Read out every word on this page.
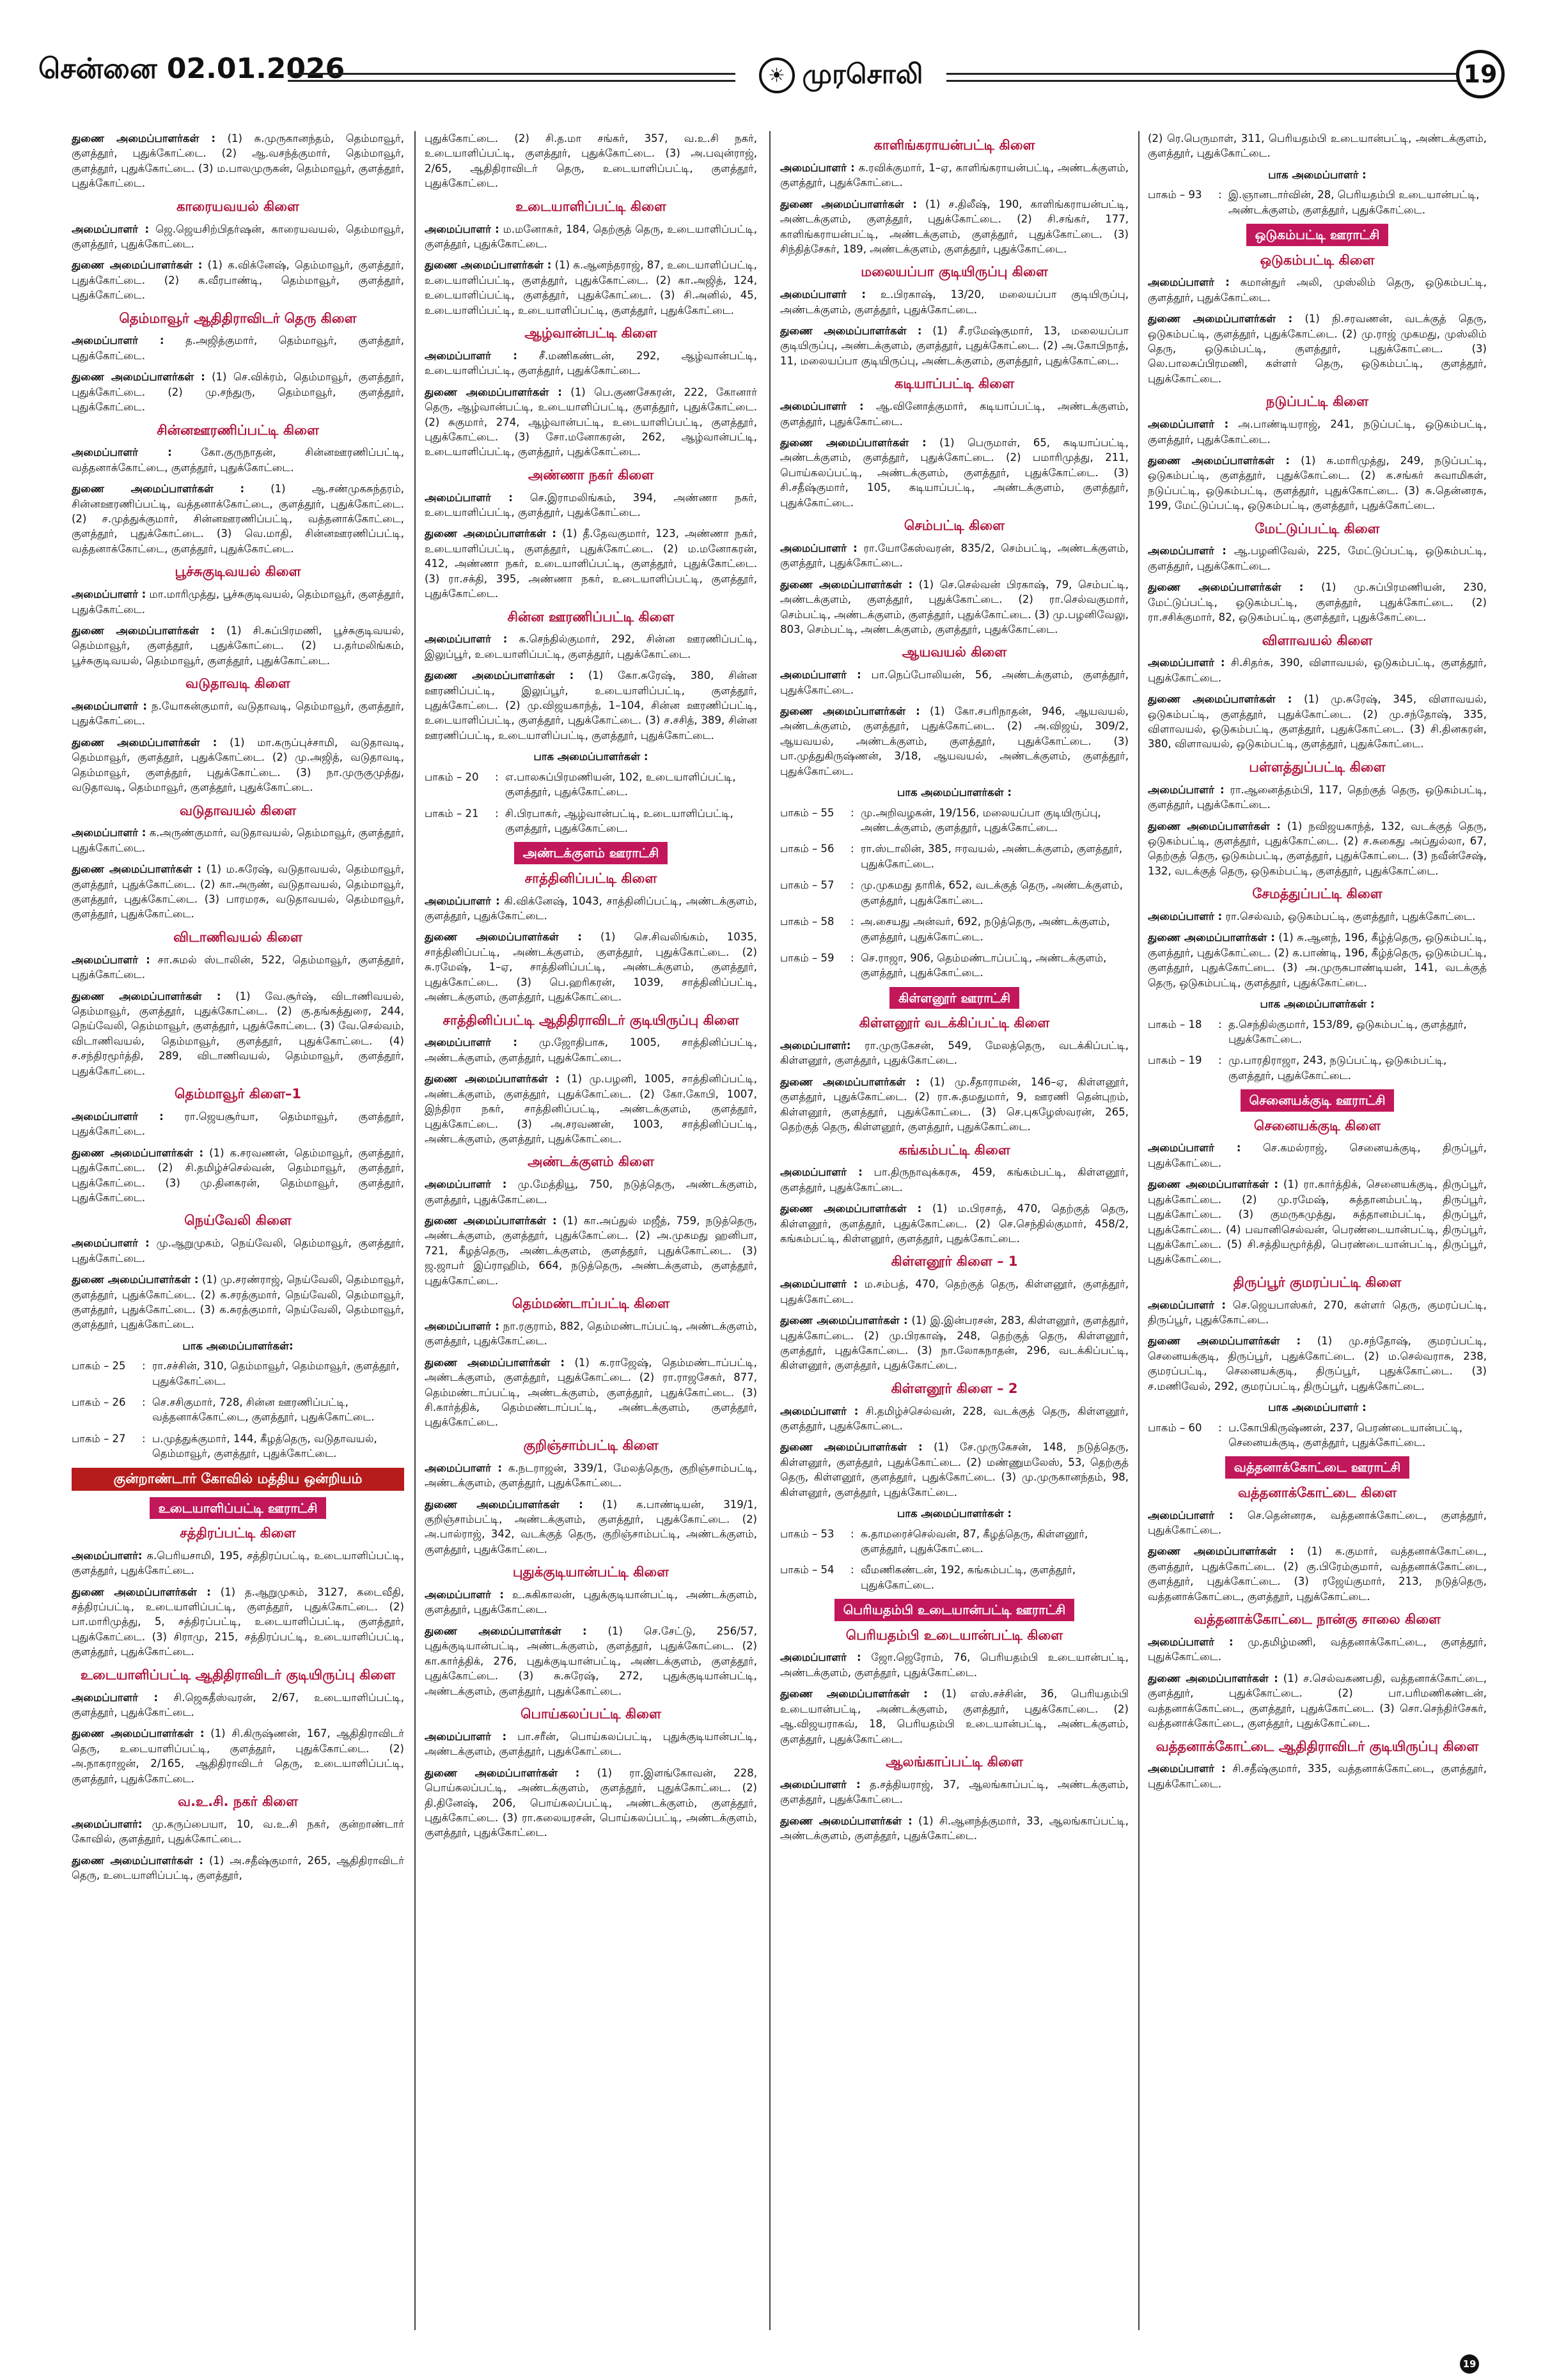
சென்னை 02.01.2026	☀ முரசொலி	19
துணை அமைப்பாளர்கள் : (1) சு.முருகானந்தம், தெம்மாவூர், குளத்தூர், புதுக்கோட்டை. (2) ஆ.வசந்த்குமார், தெம்மாவூர், குளத்தூர், புதுக்கோட்டை. (3) ம.பாலமுருகன், தெம்மாவூர், குளத்தூர், புதுக்கோட்டை.
காரையவயல் கிளை
அமைப்பாளர் : ஜெ.ஜெயசிற்பிதர்ஷன், காரையவயல், தெம்மாவூர், குளத்தூர், புதுக்கோட்டை.
துணை அமைப்பாளர்கள் : (1) க.விக்னேஷ், தெம்மாவூர், குளத்தூர், புதுக்கோட்டை. (2) க.வீரபாண்டி, தெம்மாவூர், குளத்தூர், புதுக்கோட்டை.
தெம்மாவூர் ஆதிதிராவிடர் தெரு கிளை
அமைப்பாளர் : த.அஜித்குமார், தெம்மாவூர், குளத்தூர், புதுக்கோட்டை.
துணை அமைப்பாளர்கள் : (1) செ.விக்ரம், தெம்மாவூர், குளத்தூர், புதுக்கோட்டை. (2) மு.சந்துரு, தெம்மாவூர், குளத்தூர், புதுக்கோட்டை.
சின்னஊரணிப்பட்டி கிளை
அமைப்பாளர் :	கோ.குருநாதன், சின்னஊரணிப்பட்டி, வத்தனாக்கோட்டை, குளத்தூர், புதுக்கோட்டை.
துணை அமைப்பாளர்கள் : (1) ஆ.சண்முகசுந்தரம், சின்னஊரணிப்பட்டி, வத்தனாக்கோட்டை, குளத்தூர், புதுக்கோட்டை. (2) ச.முத்துக்குமார், சின்னஊரணிப்பட்டி, வத்தனாக்கோட்டை, குளத்தூர், புதுக்கோட்டை. (3) வெ.மாதி, சின்னஊரணிப்பட்டி, வத்தனாக்கோட்டை, குளத்தூர், புதுக்கோட்டை.
பூச்சுகுடிவயல் கிளை
அமைப்பாளர் : மா.மாரிமுத்து, பூச்சுகுடிவயல், தெம்மாவூர், குளத்தூர், புதுக்கோட்டை.
துணை அமைப்பாளர்கள் : (1) சி.சுப்பிரமணி, பூச்சுகுடிவயல், தெம்மாவூர், குளத்தூர், புதுக்கோட்டை. (2) ப.தர்மலிங்கம், பூச்சுகுடிவயல், தெம்மாவூர், குளத்தூர், புதுக்கோட்டை.
வடுதாவடி கிளை
அமைப்பாளர் : ந.யோகன்குமார், வடுதாவடி, தெம்மாவூர், குளத்தூர், புதுக்கோட்டை.
துணை அமைப்பாளர்கள் : (1) மா.கருப்புச்சாமி, வடுதாவடி, தெம்மாவூர், குளத்தூர், புதுக்கோட்டை. (2) மு.அஜித், வடுதாவடி, தெம்மாவூர், குளத்தூர், புதுக்கோட்டை. (3) நா.முருகுமுத்து, வடுதாவடி, தெம்மாவூர், குளத்தூர், புதுக்கோட்டை.
வடுதாவயல் கிளை
அமைப்பாளர் : க.அருண்குமார், வடுதாவயல், தெம்மாவூர், குளத்தூர், புதுக்கோட்டை.
துணை அமைப்பாளர்கள் : (1) ம.சுரேஷ், வடுதாவயல், தெம்மாவூர், குளத்தூர், புதுக்கோட்டை. (2) கா.அருண், வடுதாவயல், தெம்மாவூர், குளத்தூர், புதுக்கோட்டை. (3) பாரமரசு, வடுதாவயல், தெம்மாவூர், குளத்தூர், புதுக்கோட்டை.
விடாணிவயல் கிளை
அமைப்பாளர் : சா.சுமல் ஸ்டாலின், 522, தெம்மாவூர், குளத்தூர், புதுக்கோட்டை.
துணை அமைப்பாளர்கள் : (1) வே.சூர்ஷ், விடாணிவயல், தெம்மாவூர், குளத்தூர், புதுக்கோட்டை. (2) கு.தங்கத்துரை, 244, நெய்வேலி, தெம்மாவூர், குளத்தூர், புதுக்கோட்டை. (3) வே.செல்வம், விடாணிவயல், தெம்மாவூர், குளத்தூர், புதுக்கோட்டை. (4) ச.சந்திரமூர்த்தி, 289, விடாணிவயல், தெம்மாவூர், குளத்தூர், புதுக்கோட்டை.
தெம்மாவூர் கிளை–1
அமைப்பாளர் : ரா.ஜெயசூர்யா, தெம்மாவூர், குளத்தூர், புதுக்கோட்டை.
துணை அமைப்பாளர்கள் : (1) க.சரவணன், தெம்மாவூர், குளத்தூர், புதுக்கோட்டை. (2) சி.தமிழ்ச்செல்வன், தெம்மாவூர், குளத்தூர், புதுக்கோட்டை. (3) மு.தினகரன், தெம்மாவூர், குளத்தூர், புதுக்கோட்டை.
நெய்வேலி கிளை
அமைப்பாளர் : மு.ஆறுமுகம், நெய்வேலி, தெம்மாவூர், குளத்தூர், புதுக்கோட்டை.
துணை அமைப்பாளர்கள் : (1) மு.சரண்ராஜ், நெய்வேலி, தெம்மாவூர், குளத்தூர், புதுக்கோட்டை. (2) க.சரத்குமார், நெய்வேலி, தெம்மாவூர், குளத்தூர், புதுக்கோட்டை. (3) க.சுரத்குமார், நெய்வேலி, தெம்மாவூர், குளத்தூர், புதுக்கோட்டை.
பாக அமைப்பாளர்கள்:
பாகம் – 25	: ரா.சச்சின், 310, தெம்மாவூர், தெம்மாவூர், குளத்தூர், புதுக்கோட்டை.
பாகம் – 26	: செ.சசிகுமார், 728, சின்ன ஊரணிப்பட்டி, வத்தனாக்கோட்டை, குளத்தூர், புதுக்கோட்டை.
பாகம் – 27	: ப.முத்துக்குமார், 144, கீழத்தெரு, வடுதாவயல், தெம்மாவூர், குளத்தூர், புதுக்கோட்டை.
குன்றாண்டார் கோவில் மத்திய ஒன்றியம்
உடையாளிப்பட்டி ஊராட்சி
சத்திரப்பட்டி கிளை
அமைப்பாளர்: க.பெரியசாமி, 195, சத்திரப்பட்டி, உடையாளிப்பட்டி, குளத்தூர், புதுக்கோட்டை.
துணை அமைப்பாளர்கள் : (1) த.ஆறுமுகம், 3127, கடைவீதி, சத்திரப்பட்டி, உடையாளிப்பட்டி, குளத்தூர், புதுக்கோட்டை. (2) பா.மாரிமுத்து, 5, சத்திரப்பட்டி, உடையாளிப்பட்டி, குளத்தூர், புதுக்கோட்டை. (3) சிராமு, 215, சத்திரப்பட்டி, உடையாளிப்பட்டி, குளத்தூர், புதுக்கோட்டை.
உடையாளிப்பட்டி ஆதிதிராவிடர் குடியிருப்பு கிளை
அமைப்பாளர் : சி.ஜெகதீஸ்வரன், 2/67, உடையாளிப்பட்டி, குளத்தூர், புதுக்கோட்டை.
துணை அமைப்பாளர்கள் : (1) சி.கிருஷ்ணன், 167, ஆதிதிராவிடர் தெரு, உடையாளிப்பட்டி, குளத்தூர், புதுக்கோட்டை. (2) அ.நாகராஜன், 2/165, ஆதிதிராவிடர் தெரு, உடையாளிப்பட்டி, குளத்தூர், புதுக்கோட்டை.
வ.உ.சி. நகர் கிளை
அமைப்பாளர்: மு.கருப்பையா, 10, வ.உ.சி நகர், குன்றாண்டார் கோவில், குளத்தூர், புதுக்கோட்டை.
துணை அமைப்பாளர்கள் : (1) அ.சதீஷ்குமார், 265, ஆதிதிராவிடர் தெரு, உடையாளிப்பட்டி, குளத்தூர்,
புதுக்கோட்டை. (2) சி.த.மா சங்கர், 357, வ.உ.சி நகர், உடையாளிப்பட்டி, குளத்தூர், புதுக்கோட்டை. (3) அ.பவுன்ராஜ், 2/65, ஆதிதிராவிடர் தெரு, உடையாளிப்பட்டி, குளத்தூர், புதுக்கோட்டை.
உடையாளிப்பட்டி கிளை
அமைப்பாளர் : ம.மனோகர், 184, தெற்குத் தெரு, உடையாளிப்பட்டி, குளத்தூர், புதுக்கோட்டை.
துணை அமைப்பாளர்கள் : (1) க.ஆனந்தராஜ், 87, உடையாளிப்பட்டி, உடையாளிப்பட்டி, குளத்தூர், புதுக்கோட்டை. (2) கா.அஜித், 124, உடையாளிப்பட்டி, குளத்தூர், புதுக்கோட்டை. (3) சி.அனில், 45, உடையாளிப்பட்டி, உடையாளிப்பட்டி, குளத்தூர், புதுக்கோட்டை.
ஆழ்வான்பட்டி கிளை
அமைப்பாளர் : சீ.மணிகண்டன், 292, ஆழ்வான்பட்டி, உடையாளிப்பட்டி, குளத்தூர், புதுக்கோட்டை.
துணை அமைப்பாளர்கள் : (1) பெ.குணசேகரன், 222, கோனார் தெரு, ஆழ்வான்பட்டி, உடையாளிப்பட்டி, குளத்தூர், புதுக்கோட்டை. (2) சுகுமார், 274, ஆழ்வான்பட்டி, உடையாளிப்பட்டி, குளத்தூர், புதுக்கோட்டை. (3) சோ.மனோகரன், 262, ஆழ்வான்பட்டி, உடையாளிப்பட்டி, குளத்தூர், புதுக்கோட்டை.
அண்ணா நகர் கிளை
அமைப்பாளர் : செ.இராமலிங்கம், 394, அண்ணா நகர், உடையாளிப்பட்டி, குளத்தூர், புதுக்கோட்டை.
துணை அமைப்பாளர்கள் : (1) தீ.தேவகுமார், 123, அண்ணா நகர், உடையாளிப்பட்டி, குளத்தூர், புதுக்கோட்டை. (2) ம.மனோகரன், 412, அண்ணா நகர், உடையாளிப்பட்டி, குளத்தூர், புதுக்கோட்டை. (3) ரா.சக்தி, 395, அண்ணா நகர், உடையாளிப்பட்டி, குளத்தூர், புதுக்கோட்டை.
சின்ன ஊரணிப்பட்டி கிளை
அமைப்பாளர் : க.செந்தில்குமார், 292, சின்ன ஊரணிப்பட்டி, இலுப்பூர், உடையாளிப்பட்டி, குளத்தூர், புதுக்கோட்டை.
துணை அமைப்பாளர்கள் : (1) கோ.சுரேஷ், 380, சின்ன ஊரணிப்பட்டி, இலுப்பூர், உடையாளிப்பட்டி, குளத்தூர், புதுக்கோட்டை. (2) மு.விஜயகாந்த், 1–104, சின்ன ஊரணிப்பட்டி, உடையாளிப்பட்டி, குளத்தூர், புதுக்கோட்டை. (3) ச.சசித், 389, சின்ன ஊரணிப்பட்டி, உடையாளிப்பட்டி, குளத்தூர், புதுக்கோட்டை.
பாக அமைப்பாளர்கள் :
பாகம் – 20	: எ.பாலசுப்பிரமணியன், 102, உடையாளிப்பட்டி, குளத்தூர், புதுக்கோட்டை.
பாகம் – 21	: சி.பிரபாகர், ஆழ்வான்பட்டி, உடையாளிப்பட்டி, குளத்தூர், புதுக்கோட்டை.
அண்டக்குளம் ஊராட்சி
சாத்தினிப்பட்டி கிளை
அமைப்பாளர் : கி.விக்னேஷ், 1043, சாத்தினிப்பட்டி, அண்டக்குளம், குளத்தூர், புதுக்கோட்டை.
துணை அமைப்பாளர்கள் : (1) செ.சிவலிங்கம், 1035, சாத்தினிப்பட்டி, அண்டக்குளம், குளத்தூர், புதுக்கோட்டை. (2) சு.ரமேஷ், 1–ஏ, சாத்தினிப்பட்டி, அண்டக்குளம், குளத்தூர், புதுக்கோட்டை. (3) பெ.ஹரிகரன், 1039, சாத்தினிப்பட்டி, அண்டக்குளம், குளத்தூர், புதுக்கோட்டை.
சாத்தினிப்பட்டி ஆதிதிராவிடர் குடியிருப்பு கிளை
அமைப்பாளர் : மு.ஜோதிபாசு, 1005, சாத்தினிப்பட்டி, அண்டக்குளம், குளத்தூர், புதுக்கோட்டை.
துணை அமைப்பாளர்கள் : (1) மு.பழனி, 1005, சாத்தினிப்பட்டி, அண்டக்குளம், குளத்தூர், புதுக்கோட்டை. (2) கோ.கோபி, 1007, இந்திரா நகர், சாத்தினிப்பட்டி, அண்டக்குளம், குளத்தூர், புதுக்கோட்டை. (3) அ.சரவணன், 1003, சாத்தினிப்பட்டி, அண்டக்குளம், குளத்தூர், புதுக்கோட்டை.
அண்டக்குளம் கிளை
அமைப்பாளர் : மு.மேத்தியூ, 750, நடுத்தெரு, அண்டக்குளம், குளத்தூர், புதுக்கோட்டை.
துணை அமைப்பாளர்கள் : (1) கா.அப்துல் மஜீத், 759, நடுத்தெரு, அண்டக்குளம், குளத்தூர், புதுக்கோட்டை. (2) அ.முகமது ஹனிபா, 721, கீழத்தெரு, அண்டக்குளம், குளத்தூர், புதுக்கோட்டை. (3) ஜ.ஜாபர் இப்ராஹிம், 664, நடுத்தெரு, அண்டக்குளம், குளத்தூர், புதுக்கோட்டை.
தெம்மண்டாப்பட்டி கிளை
அமைப்பாளர் : நா.ரகுராம், 882, தெம்மண்டாப்பட்டி, அண்டக்குளம், குளத்தூர், புதுக்கோட்டை.
துணை அமைப்பாளர்கள் : (1) க.ராஜேஷ், தெம்மண்டாப்பட்டி, அண்டக்குளம், குளத்தூர், புதுக்கோட்டை. (2) ரா.ராஜசேகர், 877, தெம்மண்டாப்பட்டி, அண்டக்குளம், குளத்தூர், புதுக்கோட்டை. (3) சி.கார்த்திக், தெம்மண்டாப்பட்டி, அண்டக்குளம், குளத்தூர், புதுக்கோட்டை.
குறிஞ்சாம்பட்டி கிளை
அமைப்பாளர் : க.நடராஜன், 339/1, மேலத்தெரு, குறிஞ்சாம்பட்டி, அண்டக்குளம், குளத்தூர், புதுக்கோட்டை.
துணை அமைப்பாளர்கள் : (1) க.பாண்டியன், 319/1, குறிஞ்சாம்பட்டி, அண்டக்குளம், குளத்தூர், புதுக்கோட்டை. (2) அ.பால்ராஜ், 342, வடக்குத் தெரு, குறிஞ்சாம்பட்டி, அண்டக்குளம், குளத்தூர், புதுக்கோட்டை.
புதுக்குடியான்பட்டி கிளை
அமைப்பாளர் : உ.சுகிகாலன், புதுக்குடியான்பட்டி, அண்டக்குளம், குளத்தூர், புதுக்கோட்டை.
துணை அமைப்பாளர்கள் : (1) செ.சேட்டு, 256/57, புதுக்குடியான்பட்டி, அண்டக்குளம், குளத்தூர், புதுக்கோட்டை. (2) கா.கார்த்திக், 276, புதுக்குடியான்பட்டி, அண்டக்குளம், குளத்தூர், புதுக்கோட்டை. (3) சு.சுரேஷ், 272, புதுக்குடியான்பட்டி, அண்டக்குளம், குளத்தூர், புதுக்கோட்டை.
பொய்கலப்பட்டி கிளை
அமைப்பாளர் : பா.சரீன், பொய்கலப்பட்டி, புதுக்குடியான்பட்டி, அண்டக்குளம், குளத்தூர், புதுக்கோட்டை.
துணை அமைப்பாளர்கள் : (1) ரா.இளங்கோவன், 228, பொய்கலப்பட்டி, அண்டக்குளம், குளத்தூர், புதுக்கோட்டை. (2) தி.தினேஷ், 206, பொய்கலப்பட்டி, அண்டக்குளம், குளத்தூர், புதுக்கோட்டை. (3) ரா.கலையரசன், பொய்கலப்பட்டி, அண்டக்குளம், குளத்தூர், புதுக்கோட்டை.
காளிங்கராயன்பட்டி கிளை
அமைப்பாளர் : க.ரவிக்குமார், 1–ஏ, காளிங்கராயன்பட்டி, அண்டக்குளம், குளத்தூர், புதுக்கோட்டை.
துணை அமைப்பாளர்கள் : (1) ச.திலீஷ், 190, காளிங்கராயன்பட்டி, அண்டக்குளம், குளத்தூர், புதுக்கோட்டை. (2) சி.சங்கர், 177, காளிங்கராயன்பட்டி, அண்டக்குளம், குளத்தூர், புதுக்கோட்டை. (3) சிந்தித்சேகர், 189, அண்டக்குளம், குளத்தூர், புதுக்கோட்டை.
மலையப்பா குடியிருப்பு கிளை
அமைப்பாளர் : உ.பிரகாஷ், 13/20, மலையப்பா குடியிருப்பு, அண்டக்குளம், குளத்தூர், புதுக்கோட்டை.
துணை அமைப்பாளர்கள் : (1) சீ.ரமேஷ்குமார், 13, மலையப்பா குடியிருப்பு, அண்டக்குளம், குளத்தூர், புதுக்கோட்டை. (2) அ.கோபிநாத், 11, மலையப்பா குடியிருப்பு, அண்டக்குளம், குளத்தூர், புதுக்கோட்டை.
கடியாப்பட்டி கிளை
அமைப்பாளர் : ஆ.வினோத்குமார், கடியாப்பட்டி, அண்டக்குளம், குளத்தூர், புதுக்கோட்டை.
துணை அமைப்பாளர்கள் : (1) பெருமாள், 65, கடியாப்பட்டி, அண்டக்குளம், குளத்தூர், புதுக்கோட்டை. (2) பமாரிமுத்து, 211, பொய்கலப்பட்டி, அண்டக்குளம், குளத்தூர், புதுக்கோட்டை. (3) சி.சதீஷ்குமார், 105, கடியாப்பட்டி, அண்டக்குளம், குளத்தூர், புதுக்கோட்டை.
செம்பட்டி கிளை
அமைப்பாளர் : ரா.யோகேஸ்வரன், 835/2, செம்பட்டி, அண்டக்குளம், குளத்தூர், புதுக்கோட்டை.
துணை அமைப்பாளர்கள் : (1) செ.செல்வன் பிரகாஷ், 79, செம்பட்டி, அண்டக்குளம், குளத்தூர், புதுக்கோட்டை. (2) ரா.செல்வகுமார், செம்பட்டி, அண்டக்குளம், குளத்தூர், புதுக்கோட்டை. (3) மு.பழனிவேலு, 803, செம்பட்டி, அண்டக்குளம், குளத்தூர், புதுக்கோட்டை.
ஆயவயல் கிளை
அமைப்பாளர் : பா.நெப்போலியன், 56, அண்டக்குளம், குளத்தூர், புதுக்கோட்டை.
துணை அமைப்பாளர்கள் : (1) கோ.சபரிநாதன், 946, ஆயவயல், அண்டக்குளம், குளத்தூர், புதுக்கோட்டை. (2) அ.விஜய், 309/2, ஆயவயல், அண்டக்குளம், குளத்தூர், புதுக்கோட்டை. (3) பா.முத்துகிருஷ்ணன், 3/18, ஆயவயல், அண்டக்குளம், குளத்தூர், புதுக்கோட்டை.
பாக அமைப்பாளர்கள் :
பாகம் – 55	: மு.அறிவழகன், 19/156, மலையப்பா குடியிருப்பு, அண்டக்குளம், குளத்தூர், புதுக்கோட்டை.
பாகம் – 56	: ரா.ஸ்டாலின், 385, ஈரவயல், அண்டக்குளம், குளத்தூர், புதுக்கோட்டை.
பாகம் – 57	: மு.முகமது தாரிக், 652, வடக்குத் தெரு, அண்டக்குளம், குளத்தூர், புதுக்கோட்டை.
பாகம் – 58	: அ.சையது அன்வர், 692, நடுத்தெரு, அண்டக்குளம், குளத்தூர், புதுக்கோட்டை.
பாகம் – 59	: செ.ராஜா, 906, தெம்மண்டாப்பட்டி, அண்டக்குளம், குளத்தூர், புதுக்கோட்டை.
கிள்ளனூர் ஊராட்சி
கிள்ளனூர் வடக்கிப்பட்டி கிளை
அமைப்பாளர்: ரா.முருகேசன், 549, மேலத்தெரு, வடக்கிப்பட்டி, கிள்ளனூர், குளத்தூர், புதுக்கோட்டை.
துணை அமைப்பாளர்கள் : (1) மு.சீதாராமன், 146–ஏ, கிள்ளனூர், குளத்தூர், புதுக்கோட்டை. (2) ரா.சு.தமதுமார், 9, ஊரணி தென்புறம், கிள்ளனூர், குளத்தூர், புதுக்கோட்டை. (3) செ.புகழேஸ்வரன், 265, தெற்குத் தெரு, கிள்ளனூர், குளத்தூர், புதுக்கோட்டை.
கங்கம்பட்டி கிளை
அமைப்பாளர் : பா.திருநாவுக்கரசு, 459, கங்கம்பட்டி, கிள்ளனூர், குளத்தூர், புதுக்கோட்டை.
துணை அமைப்பாளர்கள் : (1) ம.பிரசாத், 470, தெற்குத் தெரு, கிள்ளனூர், குளத்தூர், புதுக்கோட்டை. (2) செ.செந்தில்குமார், 458/2, கங்கம்பட்டி, கிள்ளனூர், குளத்தூர், புதுக்கோட்டை.
கிள்ளனூர் கிளை – 1
அமைப்பாளர் : ம.சம்பத், 470, தெற்குத் தெரு, கிள்ளனூர், குளத்தூர், புதுக்கோட்டை.
துணை அமைப்பாளர்கள் : (1) இ.இன்பரசன், 283, கிள்ளனூர், குளத்தூர், புதுக்கோட்டை. (2) மு.பிரகாஷ், 248, தெற்குத் தெரு, கிள்ளனூர், குளத்தூர், புதுக்கோட்டை. (3) நா.லோகநாதன், 296, வடக்கிப்பட்டி, கிள்ளனூர், குளத்தூர், புதுக்கோட்டை.
கிள்ளனூர் கிளை – 2
அமைப்பாளர் : சி.தமிழ்ச்செல்வன், 228, வடக்குத் தெரு, கிள்ளனூர், குளத்தூர், புதுக்கோட்டை.
துணை அமைப்பாளர்கள் : (1) சே.முருகேசன், 148, நடுத்தெரு, கிள்ளனூர், குளத்தூர், புதுக்கோட்டை. (2) மண்ணுமலேஸ், 53, தெற்குத் தெரு, கிள்ளனூர், குளத்தூர், புதுக்கோட்டை. (3) மு.முருகானந்தம், 98, கிள்ளனூர், குளத்தூர், புதுக்கோட்டை.
பாக அமைப்பாளர்கள் :
பாகம் – 53	: சு.தாமரைச்செல்வன், 87, கீழத்தெரு, கிள்ளனூர், குளத்தூர், புதுக்கோட்டை.
பாகம் – 54	: வீமணிகண்டன், 192, கங்கம்பட்டி, குளத்தூர், புதுக்கோட்டை.
பெரியதம்பி உடையான்பட்டி ஊராட்சி
பெரியதம்பி உடையான்பட்டி கிளை
அமைப்பாளர் : ஜோ.ஜெரோம், 76, பெரியதம்பி உடையான்பட்டி, அண்டக்குளம், குளத்தூர், புதுக்கோட்டை.
துணை அமைப்பாளர்கள் : (1) எஸ்.சச்சின், 36, பெரியதம்பி உடையான்பட்டி, அண்டக்குளம், குளத்தூர், புதுக்கோட்டை. (2) ஆ.விஜயராகவ், 18, பெரியதம்பி உடையான்பட்டி, அண்டக்குளம், குளத்தூர், புதுக்கோட்டை.
ஆலங்காப்பட்டி கிளை
அமைப்பாளர் : த.சத்தியராஜ், 37, ஆலங்காப்பட்டி, அண்டக்குளம், குளத்தூர், புதுக்கோட்டை.
துணை அமைப்பாளர்கள் : (1) சி.ஆனந்த்குமார், 33, ஆலங்காப்பட்டி, அண்டக்குளம், குளத்தூர், புதுக்கோட்டை.
(2) ரெ.பெருமாள், 311, பெரியதம்பி உடையான்பட்டி, அண்டக்குளம், குளத்தூர், புதுக்கோட்டை.
பாக அமைப்பாளர் :
பாகம் – 93	: இ.ஞானடார்வின், 28, பெரியதம்பி உடையான்பட்டி, அண்டக்குளம், குளத்தூர், புதுக்கோட்டை.
ஒடுகம்பட்டி ஊராட்சி
ஒடுகம்பட்டி கிளை
அமைப்பாளர் : கமான்துர் அலி, முஸ்லிம் தெரு, ஒடுகம்பட்டி, குளத்தூர், புதுக்கோட்டை.
துணை அமைப்பாளர்கள் : (1) நி.சரவணன், வடக்குத் தெரு, ஒடுகம்பட்டி, குளத்தூர், புதுக்கோட்டை. (2) மு.ராஜ் முகமது, முஸ்லிம் தெரு, ஒடுகம்பட்டி, குளத்தூர், புதுக்கோட்டை. (3) லெ.பாலசுப்பிரமணி, கள்ளர் தெரு, ஒடுகம்பட்டி, குளத்தூர், புதுக்கோட்டை.
நடுப்பட்டி கிளை
அமைப்பாளர் : அ.பாண்டியராஜ், 241, நடுப்பட்டி, ஒடுகம்பட்டி, குளத்தூர், புதுக்கோட்டை.
துணை அமைப்பாளர்கள் : (1) க.மாரிமுத்து, 249, நடுப்பட்டி, ஒடுகம்பட்டி, குளத்தூர், புதுக்கோட்டை. (2) க.சங்கர் சுவாமிகள், நடுப்பட்டி, ஒடுகம்பட்டி, குளத்தூர், புதுக்கோட்டை. (3) சு.தென்னரசு, 199, மேட்டுப்பட்டி, ஒடுகம்பட்டி, குளத்தூர், புதுக்கோட்டை.
மேட்டுப்பட்டி கிளை
அமைப்பாளர் : ஆ.பழனிவேல், 225, மேட்டுப்பட்டி, ஒடுகம்பட்டி, குளத்தூர், புதுக்கோட்டை.
துணை அமைப்பாளர்கள் : (1) மு.சுப்பிரமணியன், 230, மேட்டுப்பட்டி, ஒடுகம்பட்டி, குளத்தூர், புதுக்கோட்டை. (2) ரா.சசிக்குமார், 82, ஒடுகம்பட்டி, குளத்தூர், புதுக்கோட்டை.
விளாவயல் கிளை
அமைப்பாளர் : சி.சிதர்சு, 390, விளாவயல், ஒடுகம்பட்டி, குளத்தூர், புதுக்கோட்டை.
துணை அமைப்பாளர்கள் : (1) மு.சுரேஷ், 345, விளாவயல், ஒடுகம்பட்டி, குளத்தூர், புதுக்கோட்டை. (2) மு.சந்தோஷ், 335, விளாவயல், ஒடுகம்பட்டி, குளத்தூர், புதுக்கோட்டை. (3) சி.தினகரன், 380, விளாவயல், ஒடுகம்பட்டி, குளத்தூர், புதுக்கோட்டை.
பள்ளத்துப்பட்டி கிளை
அமைப்பாளர் : ரா.ஆனைத்தம்பி, 117, தெற்குத் தெரு, ஒடுகம்பட்டி, குளத்தூர், புதுக்கோட்டை.
துணை அமைப்பாளர்கள் : (1) நவிஜயகாந்த், 132, வடக்குத் தெரு, ஒடுகம்பட்டி, குளத்தூர், புதுக்கோட்டை. (2) ச.சுகைது அப்துல்லா, 67, தெற்குத் தெரு, ஒடுகம்பட்டி, குளத்தூர், புதுக்கோட்டை. (3) நவீன்சேஷ், 132, வடக்குத் தெரு, ஒடுகம்பட்டி, குளத்தூர், புதுக்கோட்டை.
சேமத்துப்பட்டி கிளை
அமைப்பாளர் : ரா.செல்வம், ஒடுகம்பட்டி, குளத்தூர், புதுக்கோட்டை.
துணை அமைப்பாளர்கள் : (1) சு.ஆனந், 196, கீழ்த்தெரு, ஒடுகம்பட்டி, குளத்தூர், புதுக்கோட்டை. (2) க.பாண்டி, 196, கீழ்த்தெரு, ஒடுகம்பட்டி, குளத்தூர், புதுக்கோட்டை. (3) அ.முருகபாண்டியன், 141, வடக்குத் தெரு, ஒடுகம்பட்டி, குளத்தூர், புதுக்கோட்டை.
பாக அமைப்பாளர்கள் :
பாகம் – 18	: த.செந்தில்குமார், 153/89, ஒடுகம்பட்டி, குளத்தூர், புதுக்கோட்டை.
பாகம் – 19	: மு.பாரதிராஜா, 243, நடுப்பட்டி, ஒடுகம்பட்டி, குளத்தூர், புதுக்கோட்டை.
செனையக்குடி ஊராட்சி
செனையக்குடி கிளை
அமைப்பாளர் : செ.கமல்ராஜ், செனையக்குடி, திருப்பூர், புதுக்கோட்டை.
துணை அமைப்பாளர்கள் : (1) ரா.கார்த்திக், செனையக்குடி, திருப்பூர், புதுக்கோட்டை. (2) மு.ரமேஷ், சுத்தானம்பட்டி, திருப்பூர், புதுக்கோட்டை. (3) குமருகமுத்து, சுத்தானம்பட்டி, திருப்பூர், புதுக்கோட்டை. (4) பவானிசெல்வன், பெரண்டையான்பட்டி, திருப்பூர், புதுக்கோட்டை. (5) சி.சத்தியமூர்த்தி, பெரண்டையான்பட்டி, திருப்பூர், புதுக்கோட்டை.
திருப்பூர் குமரப்பட்டி கிளை
அமைப்பாளர் : செ.ஜெயபாஸ்கர், 270, கள்ளர் தெரு, குமரப்பட்டி, திருப்பூர், புதுக்கோட்டை.
துணை அமைப்பாளர்கள் : (1) மு.சந்தோஷ், குமரப்பட்டி, செனையக்குடி, திருப்பூர், புதுக்கோட்டை. (2) ம.செல்வராசு, 238, குமரப்பட்டி, செனையக்குடி, திருப்பூர், புதுக்கோட்டை. (3) ச.மணிவேல், 292, குமரப்பட்டி, திருப்பூர், புதுக்கோட்டை.
பாக அமைப்பாளர் :
பாகம் – 60	: ப.கோபிகிருஷ்ணன், 237, பெரண்டையான்பட்டி, செனையக்குடி, குளத்தூர், புதுக்கோட்டை.
வத்தனாக்கோட்டை ஊராட்சி
வத்தனாக்கோட்டை கிளை
அமைப்பாளர் : செ.தென்னரசு, வத்தனாக்கோட்டை, குளத்தூர், புதுக்கோட்டை.
துணை அமைப்பாளர்கள் : (1) க.குமார், வத்தனாக்கோட்டை, குளத்தூர், புதுக்கோட்டை. (2) கு.பிரேம்குமார், வத்தனாக்கோட்டை, குளத்தூர், புதுக்கோட்டை. (3) ரஜேய்குமார், 213, நடுத்தெரு, வத்தனாக்கோட்டை, குளத்தூர், புதுக்கோட்டை.
வத்தனாக்கோட்டை நான்கு சாலை கிளை
அமைப்பாளர் : மு.தமிழ்மணி, வத்தனாக்கோட்டை, குளத்தூர், புதுக்கோட்டை.
துணை அமைப்பாளர்கள் : (1) ச.செல்வகணபதி, வத்தனாக்கோட்டை, குளத்தூர், புதுக்கோட்டை. (2) பா.பரிமணிகண்டன், வத்தனாக்கோட்டை, குளத்தூர், புதுக்கோட்டை. (3) சொ.செந்திர்சேகர், வத்தனாக்கோட்டை, குளத்தூர், புதுக்கோட்டை.
வத்தனாக்கோட்டை ஆதிதிராவிடர் குடியிருப்பு கிளை
அமைப்பாளர் : சி.சதீஷ்குமார், 335, வத்தனாக்கோட்டை, குளத்தூர், புதுக்கோட்டை.
19
